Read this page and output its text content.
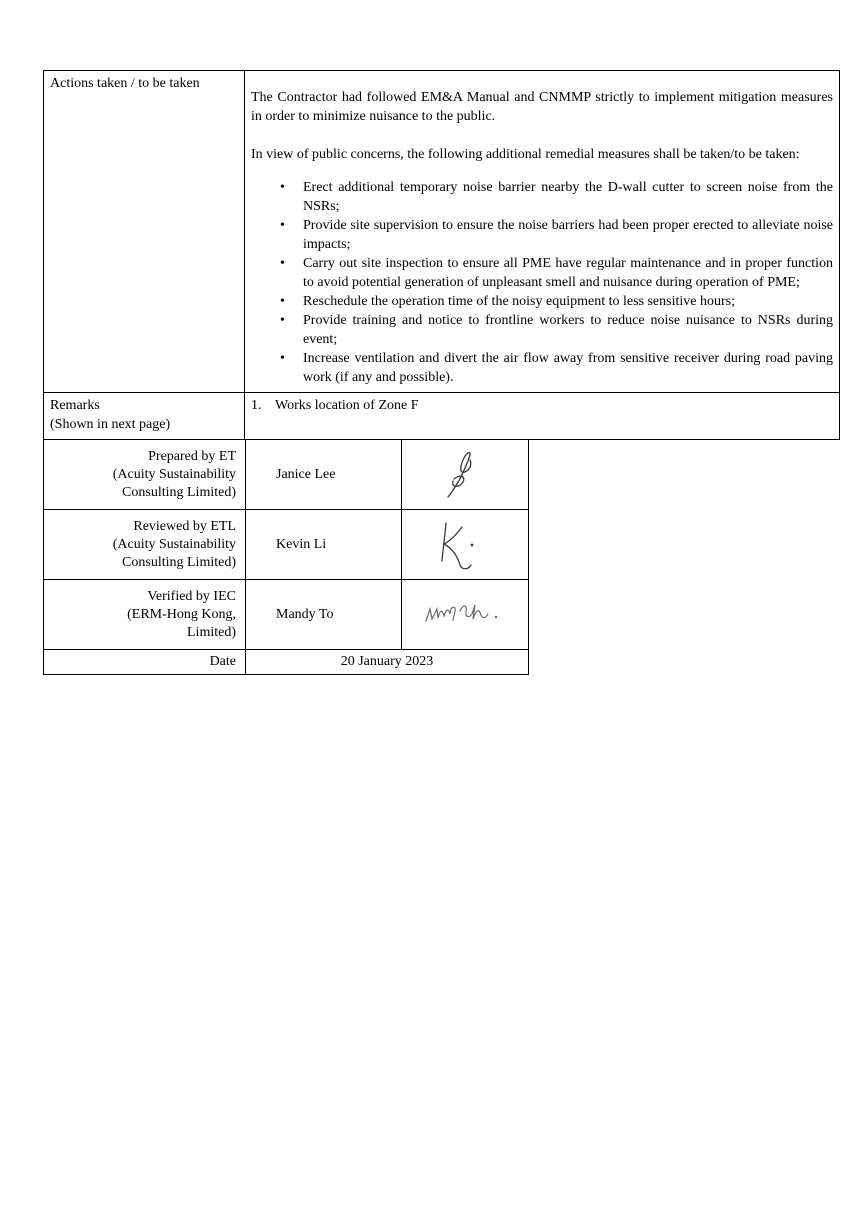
Actions taken / to be taken	

The Contractor had followed EM&A Manual and CNMMP strictly to implement mitigation measures in order to minimize nuisance to the public.

In view of public concerns, the following additional remedial measures shall be taken/to be taken:

• Erect additional temporary noise barrier nearby the D-wall cutter to screen noise from the NSRs;
• Provide site supervision to ensure the noise barriers had been proper erected to alleviate noise impacts;
• Carry out site inspection to ensure all PME have regular maintenance and in proper function to avoid potential generation of unpleasant smell and nuisance during operation of PME;
• Reschedule the operation time of the noisy equipment to less sensitive hours;
• Provide training and notice to frontline workers to reduce noise nuisance to NSRs during event;
• Increase ventilation and divert the air flow away from sensitive receiver during road paving work (if any and possible).

Remarks
(Shown in next page)	1. Works location of Zone F
Prepared by ET
(Acuity Sustainability
Consulting Limited)	Janice Lee	

Reviewed by ETL
(Acuity Sustainability
Consulting Limited)	Kevin Li	

Verified by IEC
(ERM-Hong Kong,
Limited)	Mandy To	

Date	20 January 2023	
